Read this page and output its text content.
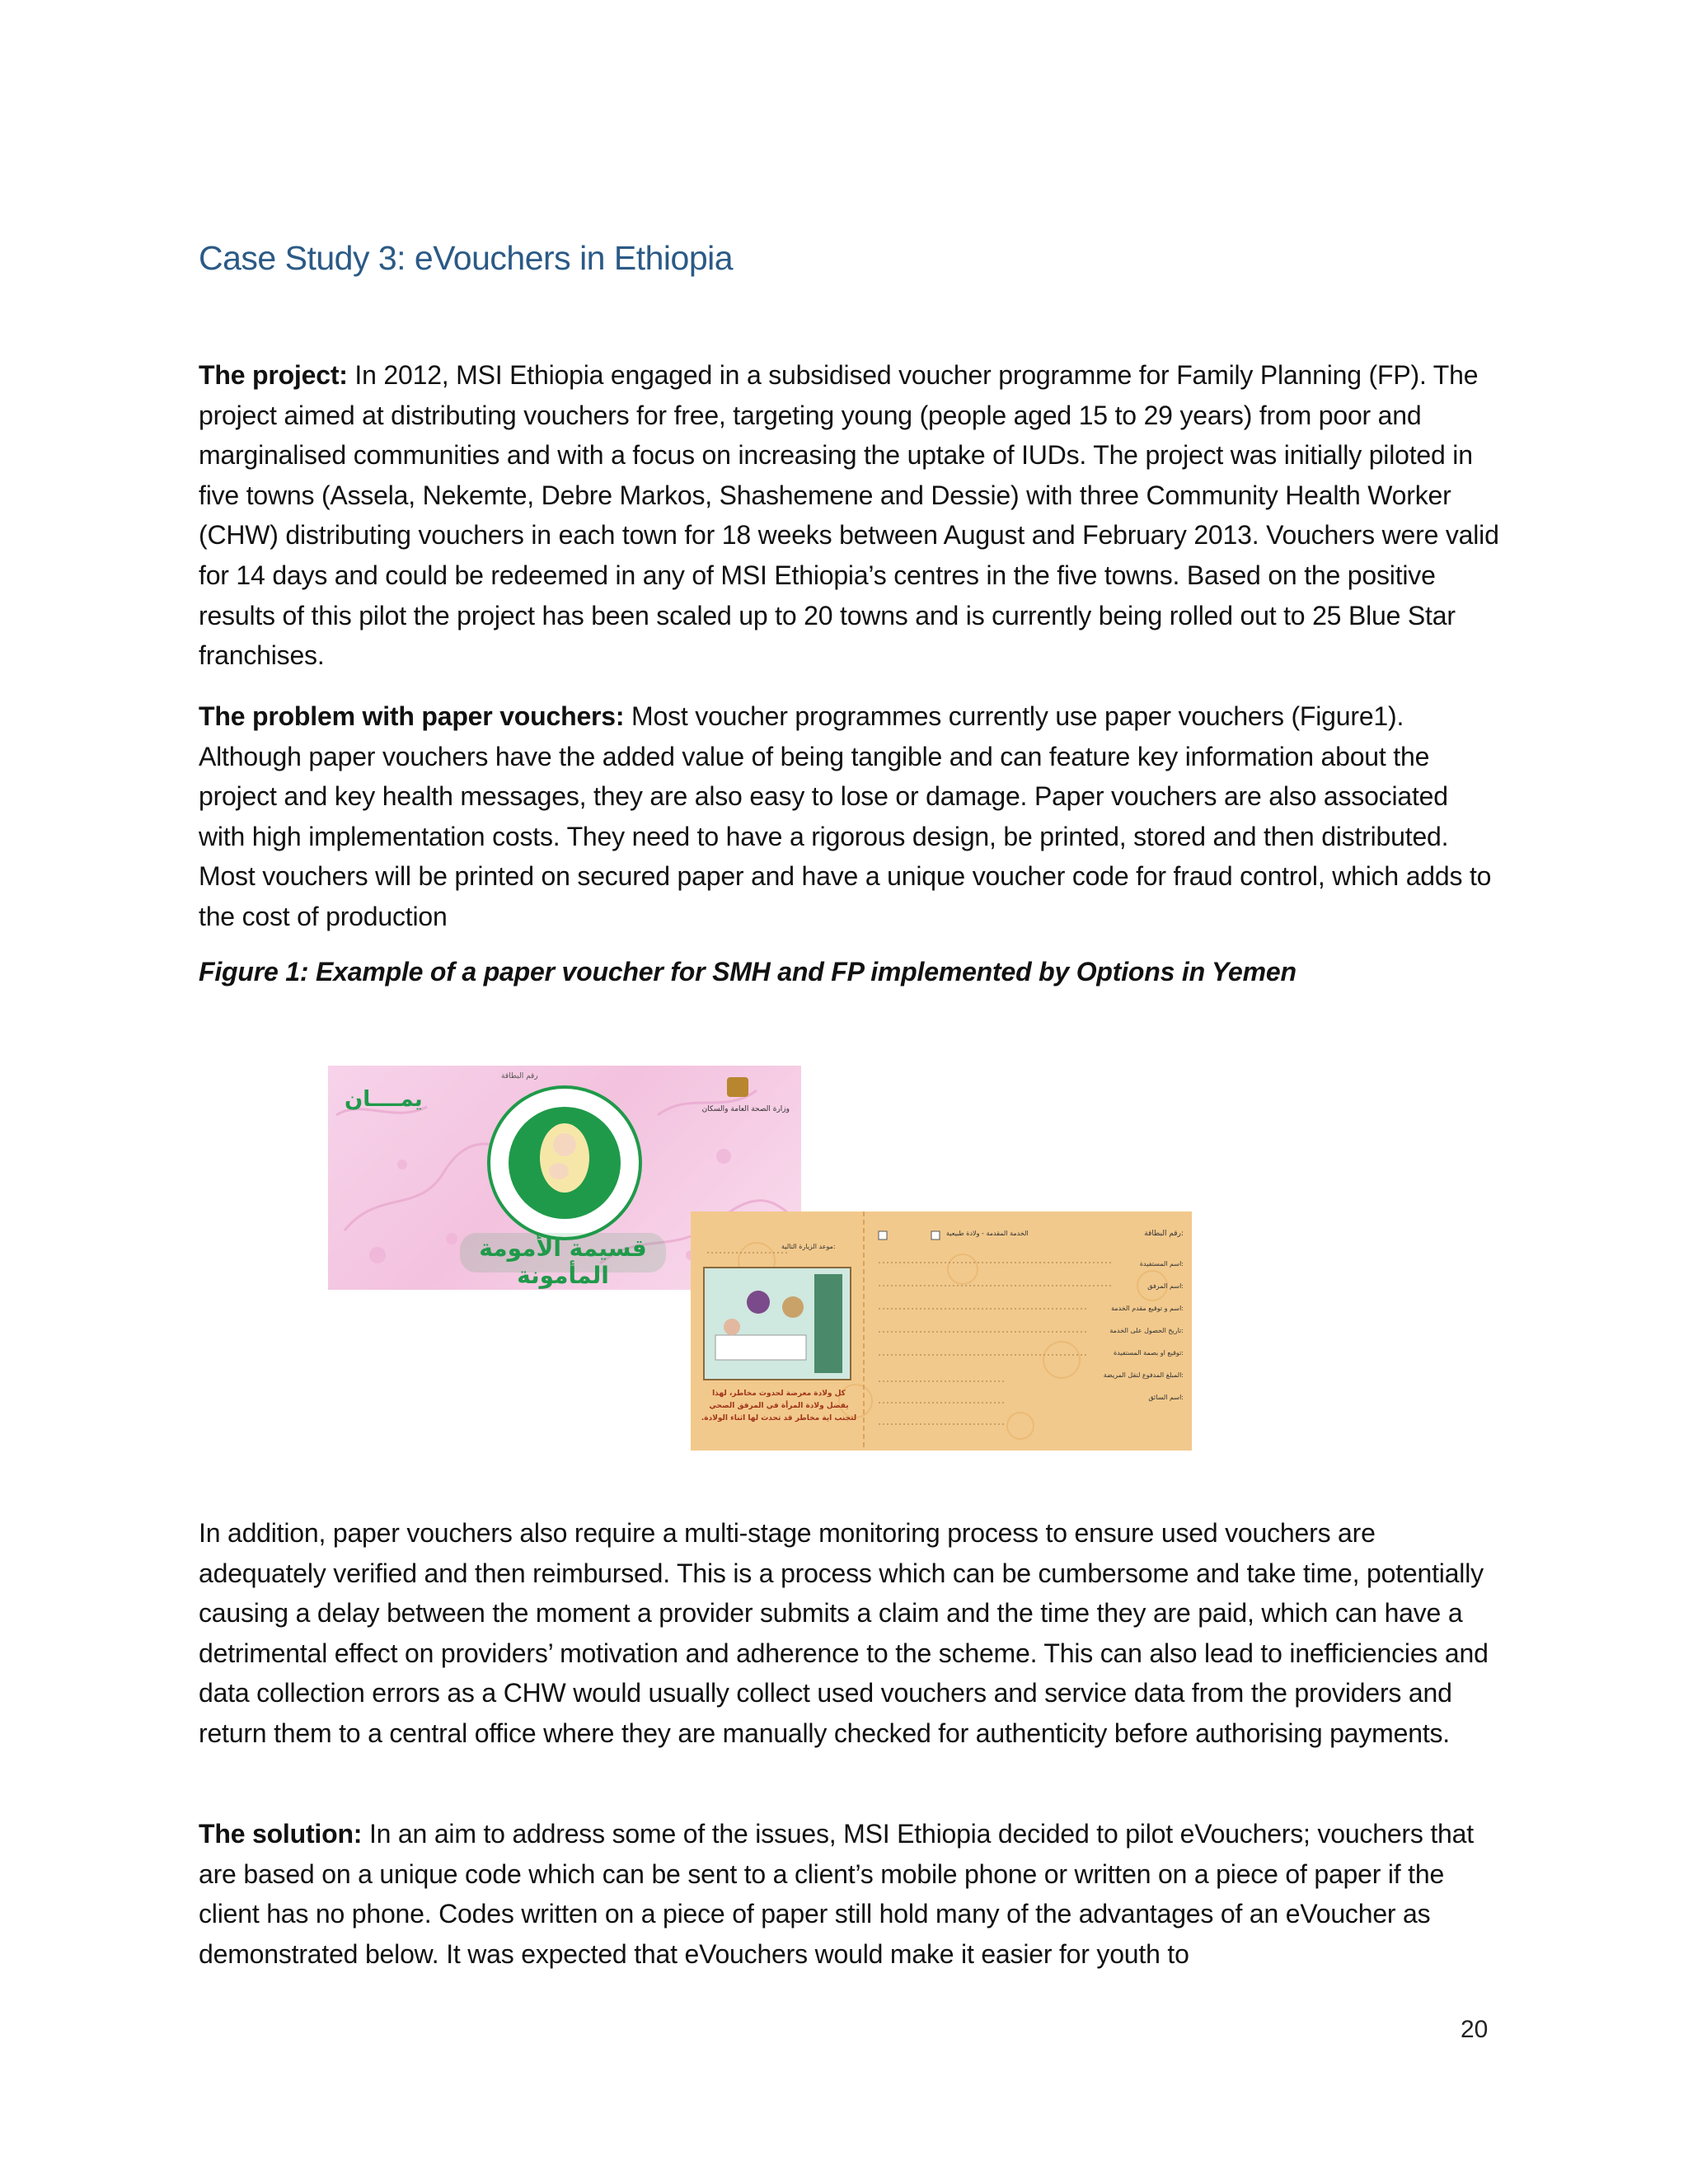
Case Study 3: eVouchers in Ethiopia

The project: In 2012, MSI Ethiopia engaged in a subsidised voucher programme for Family Planning (FP). The project aimed at distributing vouchers for free, targeting young (people aged 15 to 29 years) from poor and marginalised communities and with a focus on increasing the uptake of IUDs. The project was initially piloted in five towns (Assela, Nekemte, Debre Markos, Shashemene and Dessie) with three Community Health Worker (CHW) distributing vouchers in each town for 18 weeks between August and February 2013. Vouchers were valid for 14 days and could be redeemed in any of MSI Ethiopia’s centres in the five towns. Based on the positive results of this pilot the project has been scaled up to 20 towns and is currently being rolled out to 25 Blue Star franchises.

The problem with paper vouchers: Most voucher programmes currently use paper vouchers (Figure1). Although paper vouchers have the added value of being tangible and can feature key information about the project and key health messages, they are also easy to lose or damage. Paper vouchers are also associated with high implementation costs. They need to have a rigorous design, be printed, stored and then distributed. Most vouchers will be printed on secured paper and have a unique voucher code for fraud control, which adds to the cost of production

Figure 1: Example of a paper voucher for SMH and FP implemented by Options in Yemen

يمــــان
قسيمة الأمومة المأمونة
رقم البطاقة
وزارة الصحة العامة والسكان
رقم البطاقة:
الخدمة المقدمة - ولادة طبيعية
موعد الزيارة التالية:
اسم المستفيدة:
اسم المرفق:
اسم و توقيع مقدم الخدمة:
تاريخ الحصول على الخدمة:
توقيع او بصمة المستفيدة:
المبلغ المدفوع لنقل المريضة:
اسم السائق:
كل ولادة معرضة لحدوث مخاطر، لهذا يفضل ولادة المرأة في المرفق الصحي لتجنب اية مخاطر قد تحدث لها اثناء الولادة.

In addition, paper vouchers also require a multi-stage monitoring process to ensure used vouchers are adequately verified and then reimbursed. This is a process which can be cumbersome and take time, potentially causing a delay between the moment a provider submits a claim and the time they are paid, which can have a detrimental effect on providers’ motivation and adherence to the scheme. This can also lead to inefficiencies and data collection errors as a CHW would usually collect used vouchers and service data from the providers and return them to a central office where they are manually checked for authenticity before authorising payments.

The solution: In an aim to address some of the issues, MSI Ethiopia decided to pilot eVouchers; vouchers that are based on a unique code which can be sent to a client’s mobile phone or written on a piece of paper if the client has no phone. Codes written on a piece of paper still hold many of the advantages of an eVoucher as demonstrated below. It was expected that eVouchers would make it easier for youth to

20
